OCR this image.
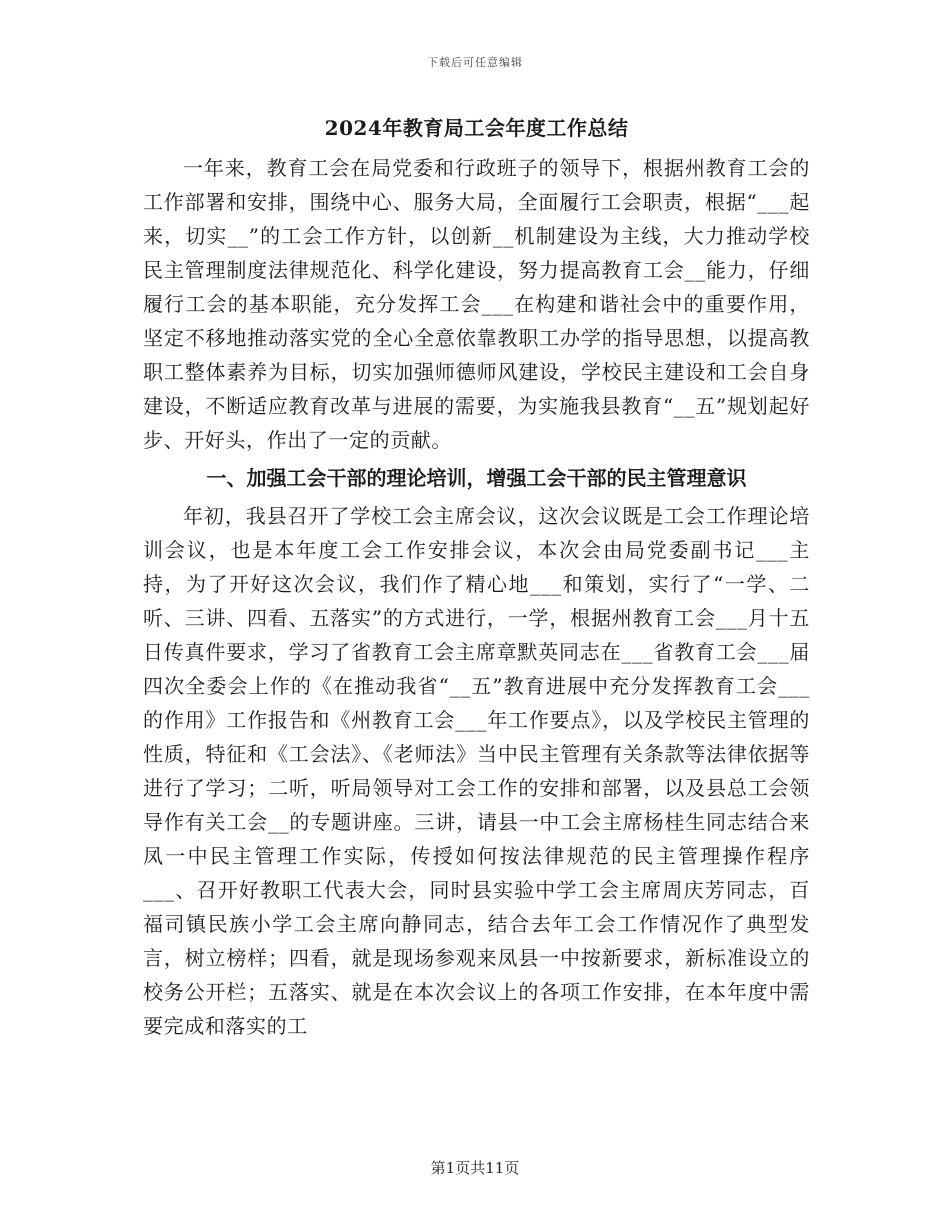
下载后可任意编辑
2024年教育局工会年度工作总结

一年来，教育工会在局党委和行政班子的领导下，根据州教育工会的工作部署和安排，围绕中心、服务大局，全面履行工会职责，根据“___起来，切实__”的工会工作方针，以创新__机制建设为主线，大力推动学校民主管理制度法律规范化、科学化建设，努力提高教育工会__能力，仔细履行工会的基本职能，充分发挥工会___在构建和谐社会中的重要作用，坚定不移地推动落实党的全心全意依靠教职工办学的指导思想，以提高教职工整体素养为目标，切实加强师德师风建设，学校民主建设和工会自身建设，不断适应教育改革与进展的需要，为实施我县教育“__五”规划起好步、开好头，作出了一定的贡献。

一、加强工会干部的理论培训，增强工会干部的民主管理意识

年初，我县召开了学校工会主席会议，这次会议既是工会工作理论培训会议，也是本年度工会工作安排会议，本次会由局党委副书记___主持，为了开好这次会议，我们作了精心地___和策划，实行了“一学、二听、三讲、四看、五落实”的方式进行，一学，根据州教育工会___月十五日传真件要求，学习了省教育工会主席章默英同志在___省教育工会___届四次全委会上作的《在推动我省“__五”教育进展中充分发挥教育工会___的作用》工作报告和《州教育工会___年工作要点》，以及学校民主管理的性质，特征和《工会法》、《老师法》当中民主管理有关条款等法律依据等进行了学习；二听，听局领导对工会工作的安排和部署，以及县总工会领导作有关工会__的专题讲座。三讲，请县一中工会主席杨桂生同志结合来凤一中民主管理工作实际，传授如何按法律规范的民主管理操作程序___、召开好教职工代表大会，同时县实验中学工会主席周庆芳同志，百福司镇民族小学工会主席向静同志，结合去年工会工作情况作了典型发言，树立榜样；四看，就是现场参观来凤县一中按新要求，新标准设立的校务公开栏；五落实、就是在本次会议上的各项工作安排，在本年度中需要完成和落实的工

第1页共11页
